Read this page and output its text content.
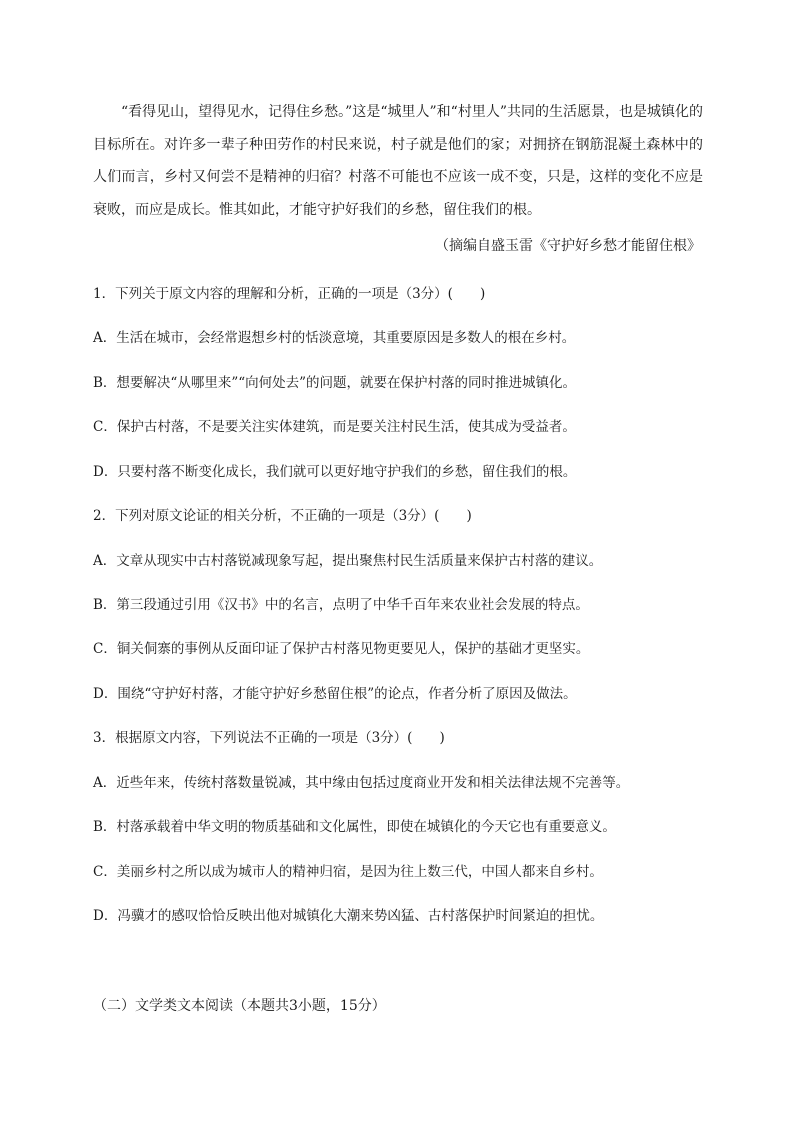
“看得见山，望得见水，记得住乡愁。”这是“城里人”和“村里人”共同的生活愿景，也是城镇化的目标所在。对许多一辈子种田劳作的村民来说，村子就是他们的家；对拥挤在钢筋混凝土森林中的人们而言，乡村又何尝不是精神的归宿？村落不可能也不应该一成不变，只是，这样的变化不应是衰败，而应是成长。惟其如此，才能守护好我们的乡愁，留住我们的根。

（摘编自盛玉雷《守护好乡愁才能留住根》

1．下列关于原文内容的理解和分析，正确的一项是（3分）(　　)

A．生活在城市，会经常遐想乡村的恬淡意境，其重要原因是多数人的根在乡村。

B．想要解决“从哪里来”“向何处去”的问题，就要在保护村落的同时推进城镇化。

C．保护古村落，不是要关注实体建筑，而是要关注村民生活，使其成为受益者。

D．只要村落不断变化成长，我们就可以更好地守护我们的乡愁，留住我们的根。

2．下列对原文论证的相关分析，不正确的一项是（3分）(　　)

A．文章从现实中古村落锐减现象写起，提出聚焦村民生活质量来保护古村落的建议。

B．第三段通过引用《汉书》中的名言，点明了中华千百年来农业社会发展的特点。

C．铜关侗寨的事例从反面印证了保护古村落见物更要见人，保护的基础才更坚实。

D．围绕“守护好村落，才能守护好乡愁留住根”的论点，作者分析了原因及做法。

3．根据原文内容，下列说法不正确的一项是（3分）(　　)

A．近些年来，传统村落数量锐减，其中缘由包括过度商业开发和相关法律法规不完善等。

B．村落承载着中华文明的物质基础和文化属性，即使在城镇化的今天它也有重要意义。

C．美丽乡村之所以成为城市人的精神归宿，是因为往上数三代，中国人都来自乡村。

D．冯骥才的感叹恰恰反映出他对城镇化大潮来势凶猛、古村落保护时间紧迫的担忧。

（二）文学类文本阅读（本题共3小题，15分）
